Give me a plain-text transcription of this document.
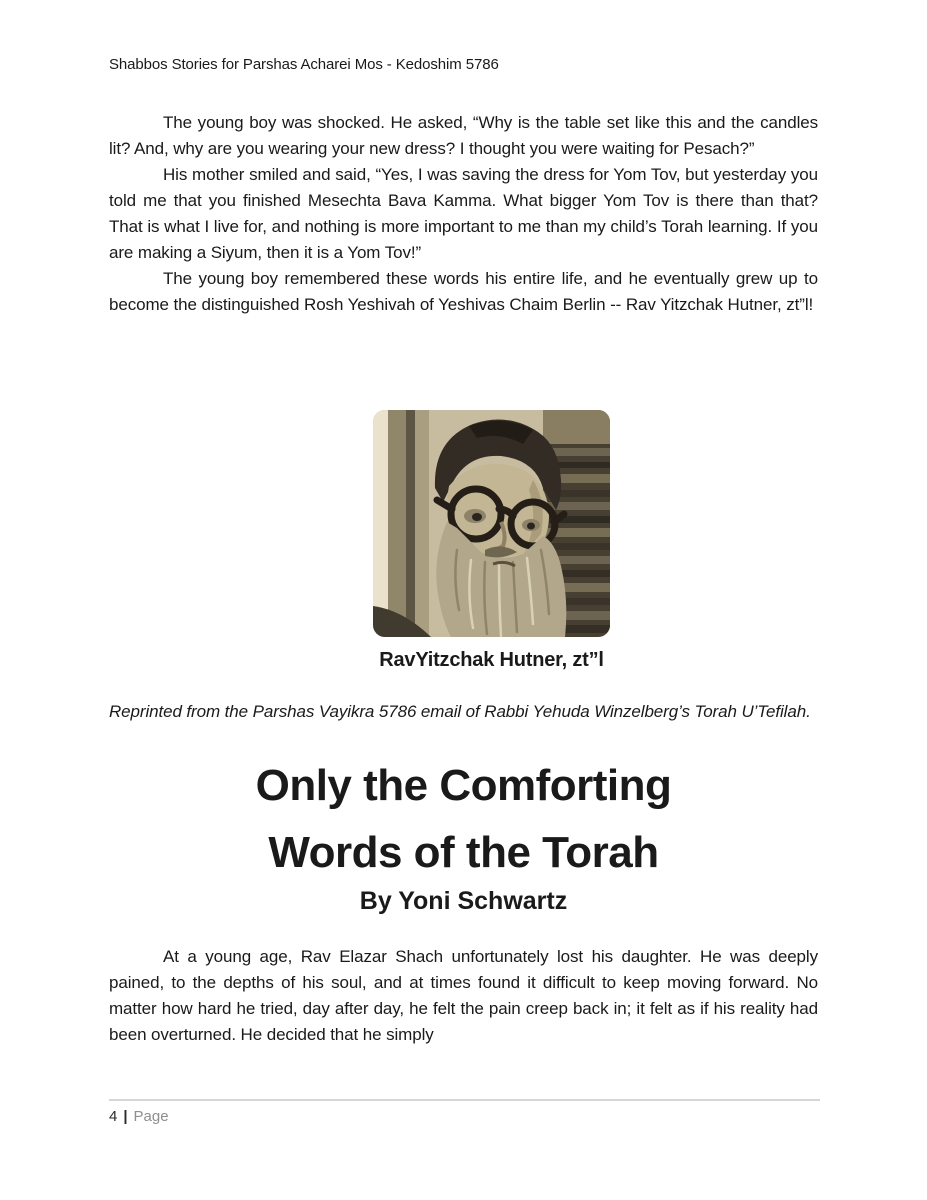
Shabbos Stories for Parshas Acharei Mos - Kedoshim 5786

The young boy was shocked. He asked, “Why is the table set like this and the candles lit? And, why are you wearing your new dress? I thought you were waiting for Pesach?”

His mother smiled and said, “Yes, I was saving the dress for Yom Tov, but yesterday you told me that you finished Mesechta Bava Kamma. What bigger Yom Tov is there than that? That is what I live for, and nothing is more important to me than my child’s Torah learning. If you are making a Siyum, then it is a Yom Tov!”

The young boy remembered these words his entire life, and he eventually grew up to become the distinguished Rosh Yeshivah of Yeshivas Chaim Berlin -- Rav Yitzchak Hutner, zt”l!

RavYitzchak Hutner, zt”l
Reprinted from the Parshas Vayikra 5786 email of Rabbi Yehuda Winzelberg’s Torah U’Tefilah.
Only the Comforting
Words of the Torah
By Yoni Schwartz

At a young age, Rav Elazar Shach unfortunately lost his daughter. He was deeply pained, to the depths of his soul, and at times found it difficult to keep moving forward. No matter how hard he tried, day after day, he felt the pain creep back in; it felt as if his reality had been overturned. He decided that he simply

4 | Page
